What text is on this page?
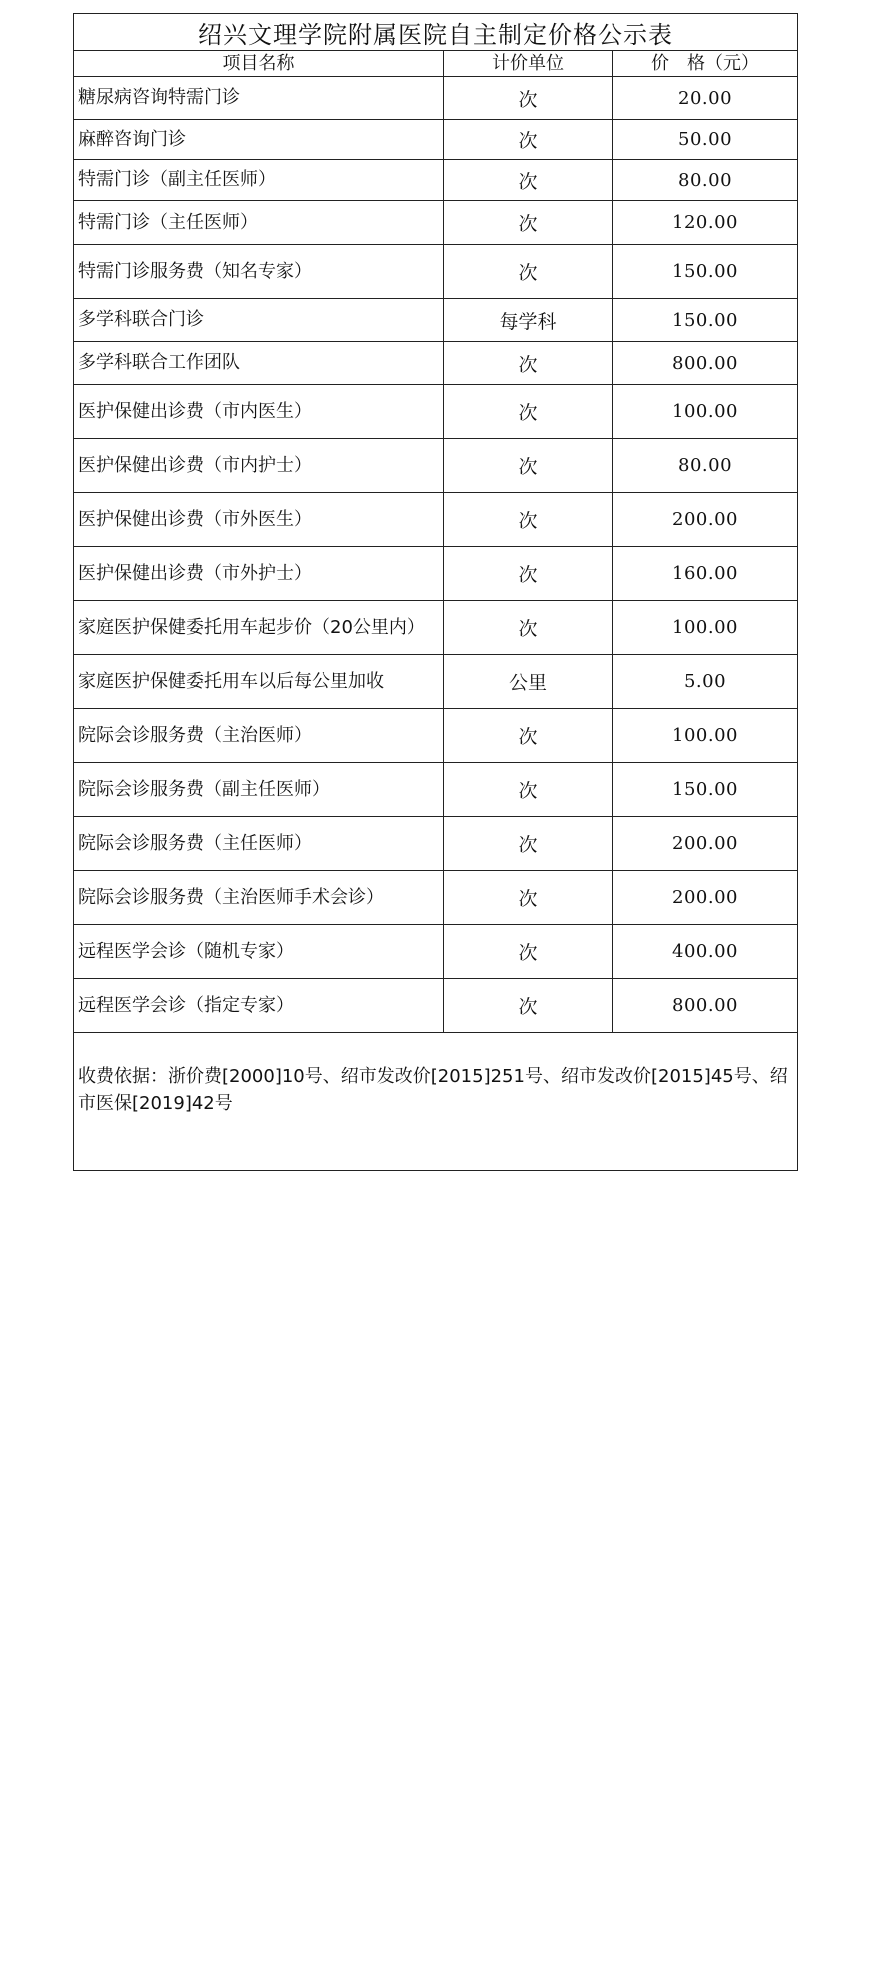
绍兴文理学院附属医院自主制定价格公示表		
项目名称	计价单位	价　格（元）
糖尿病咨询特需门诊	次	20.00
麻醉咨询门诊	次	50.00
特需门诊（副主任医师）	次	80.00
特需门诊（主任医师）	次	120.00
特需门诊服务费（知名专家）	次	150.00
多学科联合门诊	每学科	150.00
多学科联合工作团队	次	800.00
医护保健出诊费（市内医生）	次	100.00
医护保健出诊费（市内护士）	次	80.00
医护保健出诊费（市外医生）	次	200.00
医护保健出诊费（市外护士）	次	160.00
家庭医护保健委托用车起步价（20公里内）	次	100.00
家庭医护保健委托用车以后每公里加收	公里	5.00
院际会诊服务费（主治医师）	次	100.00
院际会诊服务费（副主任医师）	次	150.00
院际会诊服务费（主任医师）	次	200.00
院际会诊服务费（主治医师手术会诊）	次	200.00
远程医学会诊（随机专家）	次	400.00
远程医学会诊（指定专家）	次	800.00
收费依据：浙价费[2000]10号、绍市发改价[2015]251号、绍市发改价[2015]45号、绍市医保[2019]42号		
